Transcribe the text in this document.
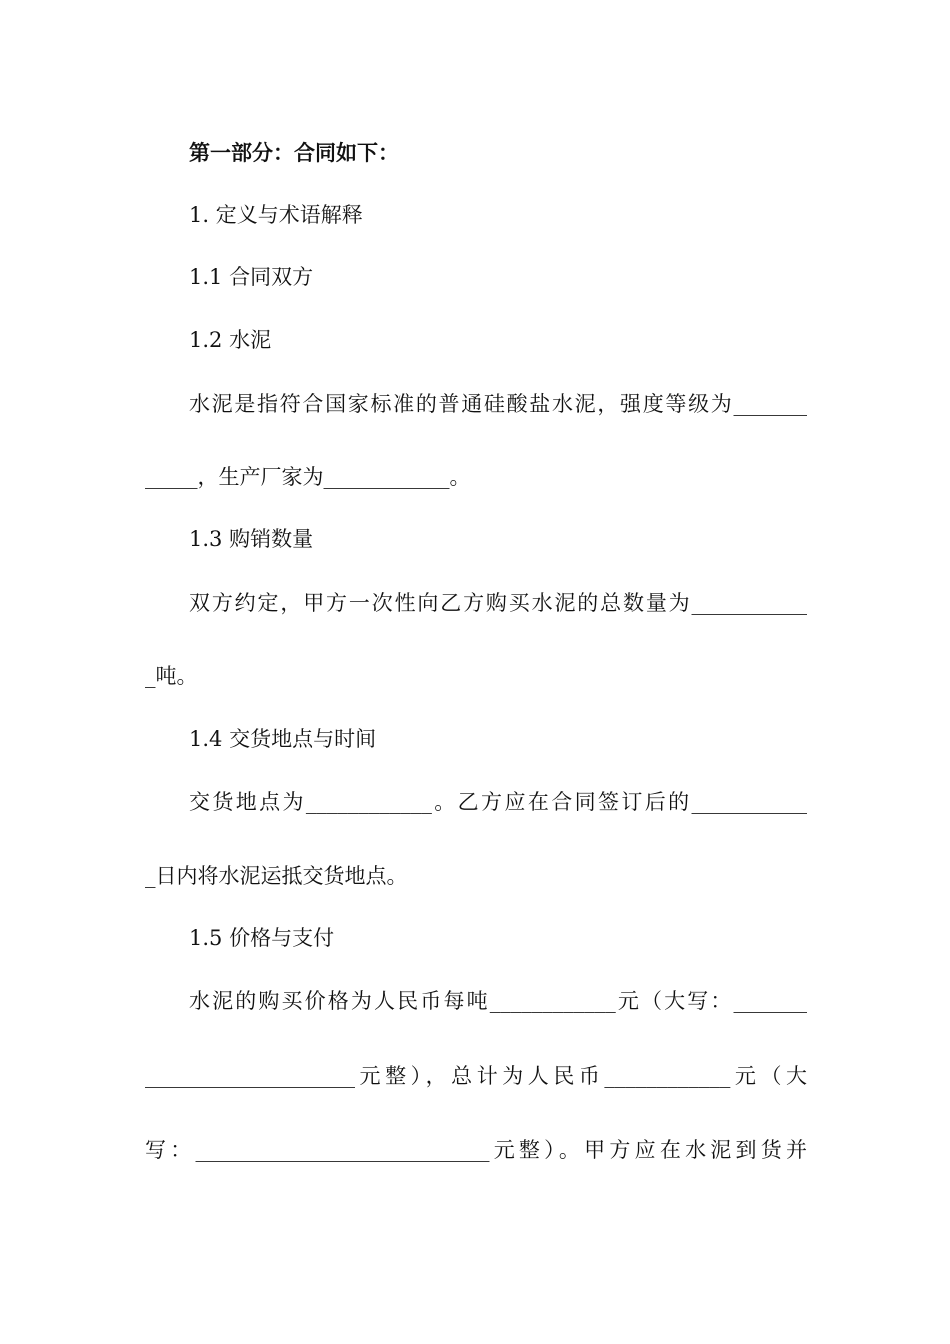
第一部分：合同如下：
1. 定义与术语解释
1.1 合同双方
1.2 水泥
水泥是指符合国家标准的普通硅酸盐水泥，强度等级为_______
_____，生产厂家为____________。
1.3 购销数量
双方约定，甲方一次性向乙方购买水泥的总数量为___________
_吨。
1.4 交货地点与时间
交货地点为____________。乙方应在合同签订后的___________
_日内将水泥运抵交货地点。
1.5 价格与支付
水泥的购买价格为人民币每吨____________元（大写：_______
____________________元整），总计为人民币____________元（大
写：____________________________元整）。甲方应在水泥到货并
